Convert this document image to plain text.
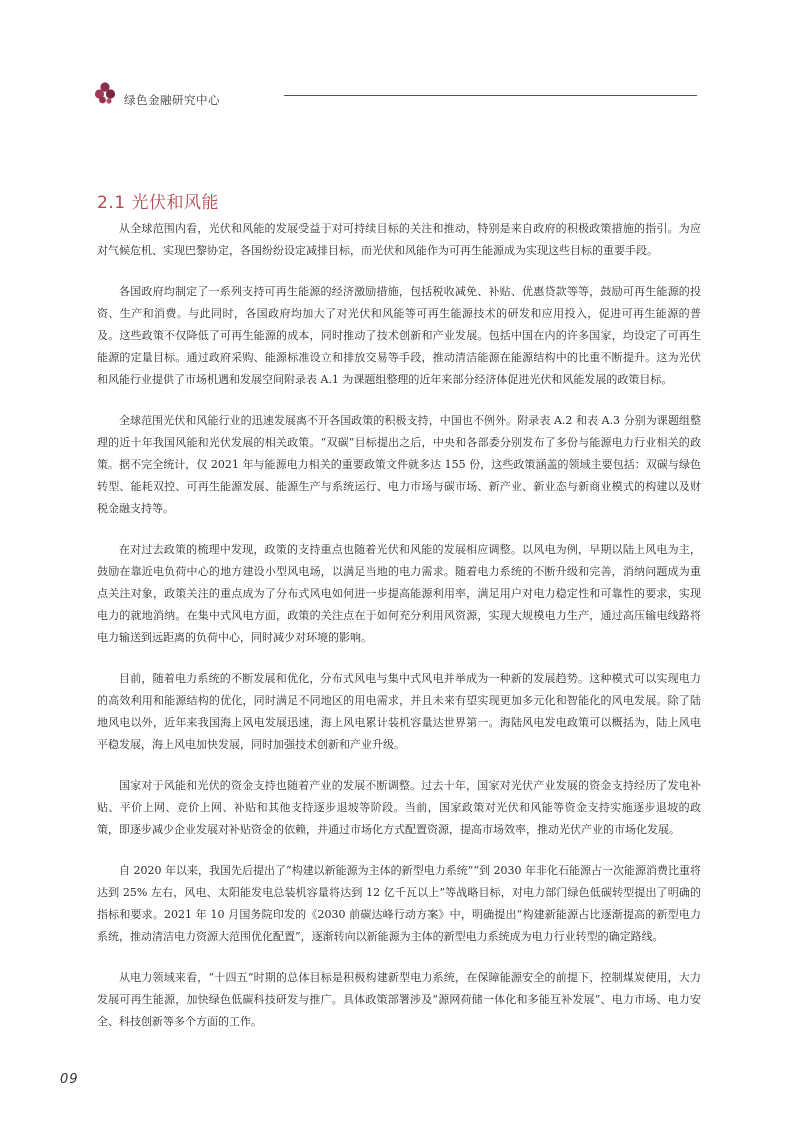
绿色金融研究中心
2.1 光伏和风能

从全球范围内看，光伏和风能的发展受益于对可持续目标的关注和推动，特别是来自政府的积极政策措施的指引。为应对气候危机、实现巴黎协定，各国纷纷设定减排目标，而光伏和风能作为可再生能源成为实现这些目标的重要手段。

各国政府均制定了一系列支持可再生能源的经济激励措施，包括税收减免、补贴、优惠贷款等等，鼓励可再生能源的投资、生产和消费。与此同时，各国政府均加大了对光伏和风能等可再生能源技术的研发和应用投入，促进可再生能源的普及。这些政策不仅降低了可再生能源的成本，同时推动了技术创新和产业发展。包括中国在内的许多国家，均设定了可再生能源的定量目标。通过政府采购、能源标准设立和排放交易等手段，推动清洁能源在能源结构中的比重不断提升。这为光伏和风能行业提供了市场机遇和发展空间附录表 A.1 为课题组整理的近年来部分经济体促进光伏和风能发展的政策目标。

全球范围光伏和风能行业的迅速发展离不开各国政策的积极支持，中国也不例外。附录表 A.2 和表 A.3 分别为课题组整理的近十年我国风能和光伏发展的相关政策。“双碳”目标提出之后，中央和各部委分别发布了多份与能源电力行业相关的政策。据不完全统计，仅 2021 年与能源电力相关的重要政策文件就多达 155 份，这些政策涵盖的领域主要包括：双碳与绿色转型、能耗双控、可再生能源发展、能源生产与系统运行、电力市场与碳市场、新产业、新业态与新商业模式的构建以及财税金融支持等。

在对过去政策的梳理中发现，政策的支持重点也随着光伏和风能的发展相应调整。以风电为例，早期以陆上风电为主，鼓励在靠近电负荷中心的地方建设小型风电场，以满足当地的电力需求。随着电力系统的不断升级和完善，消纳问题成为重点关注对象，政策关注的重点成为了分布式风电如何进一步提高能源利用率，满足用户对电力稳定性和可靠性的要求，实现电力的就地消纳。在集中式风电方面，政策的关注点在于如何充分利用风资源，实现大规模电力生产，通过高压输电线路将电力输送到远距离的负荷中心，同时减少对环境的影响。

目前，随着电力系统的不断发展和优化，分布式风电与集中式风电并举成为一种新的发展趋势。这种模式可以实现电力的高效利用和能源结构的优化，同时满足不同地区的用电需求，并且未来有望实现更加多元化和智能化的风电发展。除了陆地风电以外，近年来我国海上风电发展迅速，海上风电累计装机容量达世界第一。海陆风电发电政策可以概括为，陆上风电平稳发展，海上风电加快发展，同时加强技术创新和产业升级。

国家对于风能和光伏的资金支持也随着产业的发展不断调整。过去十年，国家对光伏产业发展的资金支持经历了发电补贴、平价上网、竞价上网、补贴和其他支持逐步退坡等阶段。当前，国家政策对光伏和风能等资金支持实施逐步退坡的政策，即逐步减少企业发展对补贴资金的依赖，并通过市场化方式配置资源，提高市场效率，推动光伏产业的市场化发展。

自 2020 年以来，我国先后提出了“构建以新能源为主体的新型电力系统”“到 2030 年非化石能源占一次能源消费比重将达到 25% 左右，风电、太阳能发电总装机容量将达到 12 亿千瓦以上”等战略目标，对电力部门绿色低碳转型提出了明确的指标和要求。2021 年 10 月国务院印发的《2030 前碳达峰行动方案》中，明确提出“构建新能源占比逐渐提高的新型电力系统，推动清洁电力资源大范围优化配置”，逐渐转向以新能源为主体的新型电力系统成为电力行业转型的确定路线。

从电力领域来看，“十四五”时期的总体目标是积极构建新型电力系统，在保障能源安全的前提下，控制煤炭使用，大力发展可再生能源，加快绿色低碳科技研发与推广。具体政策部署涉及“源网荷储一体化和多能互补发展”、电力市场、电力安全、科技创新等多个方面的工作。

09
